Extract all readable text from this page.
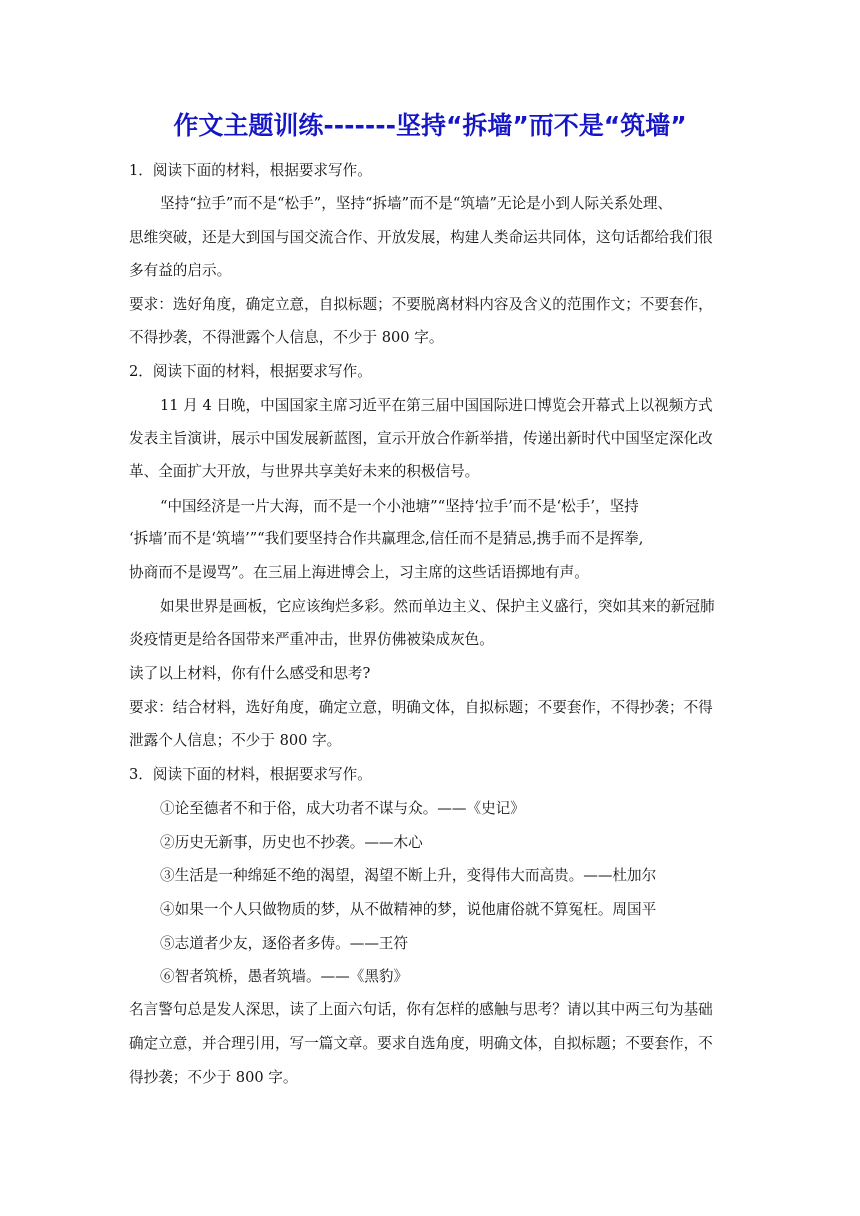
作文主题训练-------坚持“拆墙”而不是“筑墙”
1．阅读下面的材料，根据要求写作。
坚持“拉手”而不是“松手”，坚持“拆墙”而不是“筑墙”无论是小到人际关系处理、
思维突破，还是大到国与国交流合作、开放发展，构建人类命运共同体，这句话都给我们很
多有益的启示。
要求：选好角度，确定立意，自拟标题；不要脱离材料内容及含义的范围作文；不要套作，
不得抄袭，不得泄露个人信息，不少于 800 字。
2．阅读下面的材料，根据要求写作。
11 月 4 日晚，中国国家主席习近平在第三届中国国际进口博览会开幕式上以视频方式
发表主旨演讲，展示中国发展新蓝图，宣示开放合作新举措，传递出新时代中国坚定深化改
革、全面扩大开放，与世界共享美好未来的积极信号。
“中国经济是一片大海，而不是一个小池塘”“坚持‘拉手’而不是‘松手’，坚持
‘拆墙’而不是‘筑墙’”“我们要坚持合作共赢理念,信任而不是猜忌,携手而不是挥拳,
协商而不是谩骂”。在三届上海进博会上，习主席的这些话语掷地有声。
如果世界是画板，它应该绚烂多彩。然而单边主义、保护主义盛行，突如其来的新冠肺
炎疫情更是给各国带来严重冲击，世界仿佛被染成灰色。
读了以上材料，你有什么感受和思考?
要求：结合材料，选好角度，确定立意，明确文体，自拟标题；不要套作，不得抄袭；不得
泄露个人信息；不少于 800 字。
3．阅读下面的材料，根据要求写作。
①论至德者不和于俗，成大功者不谋与众。——《史记》
②历史无新事，历史也不抄袭。——木心
③生活是一种绵延不绝的渴望，渴望不断上升，变得伟大而高贵。——杜加尔
④如果一个人只做物质的梦，从不做精神的梦，说他庸俗就不算冤枉。周国平
⑤志道者少友，逐俗者多俦。——王符
⑥智者筑桥，愚者筑墙。——《黑豹》
名言警句总是发人深思，读了上面六句话，你有怎样的感触与思考？请以其中两三句为基础
确定立意，并合理引用，写一篇文章。要求自选角度，明确文体，自拟标题；不要套作，不
得抄袭；不少于 800 字。
